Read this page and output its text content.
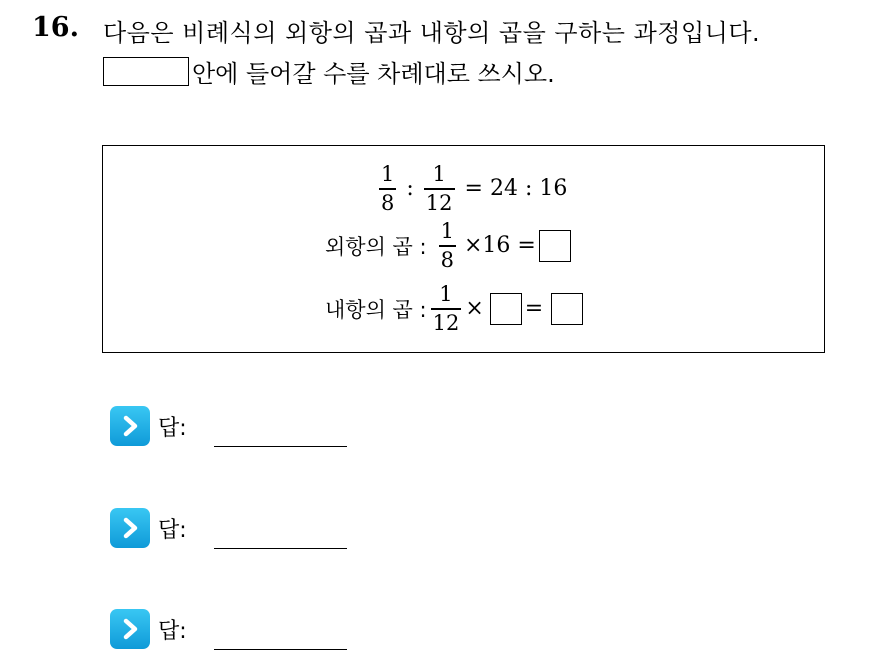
16. 다음은 비례식의 외항의 곱과 내항의 곱을 구하는 과정입니다.
안에 들어갈 수를 차례대로 쓰시오.
$\frac{1}{8}$ : $\frac{1}{12} = 24$ : 16
외항의 곱 : $\frac{1}{8} \times 16$ =
내항의 곱 : $\frac{1}{12}$ × =
답:
답:
답:
